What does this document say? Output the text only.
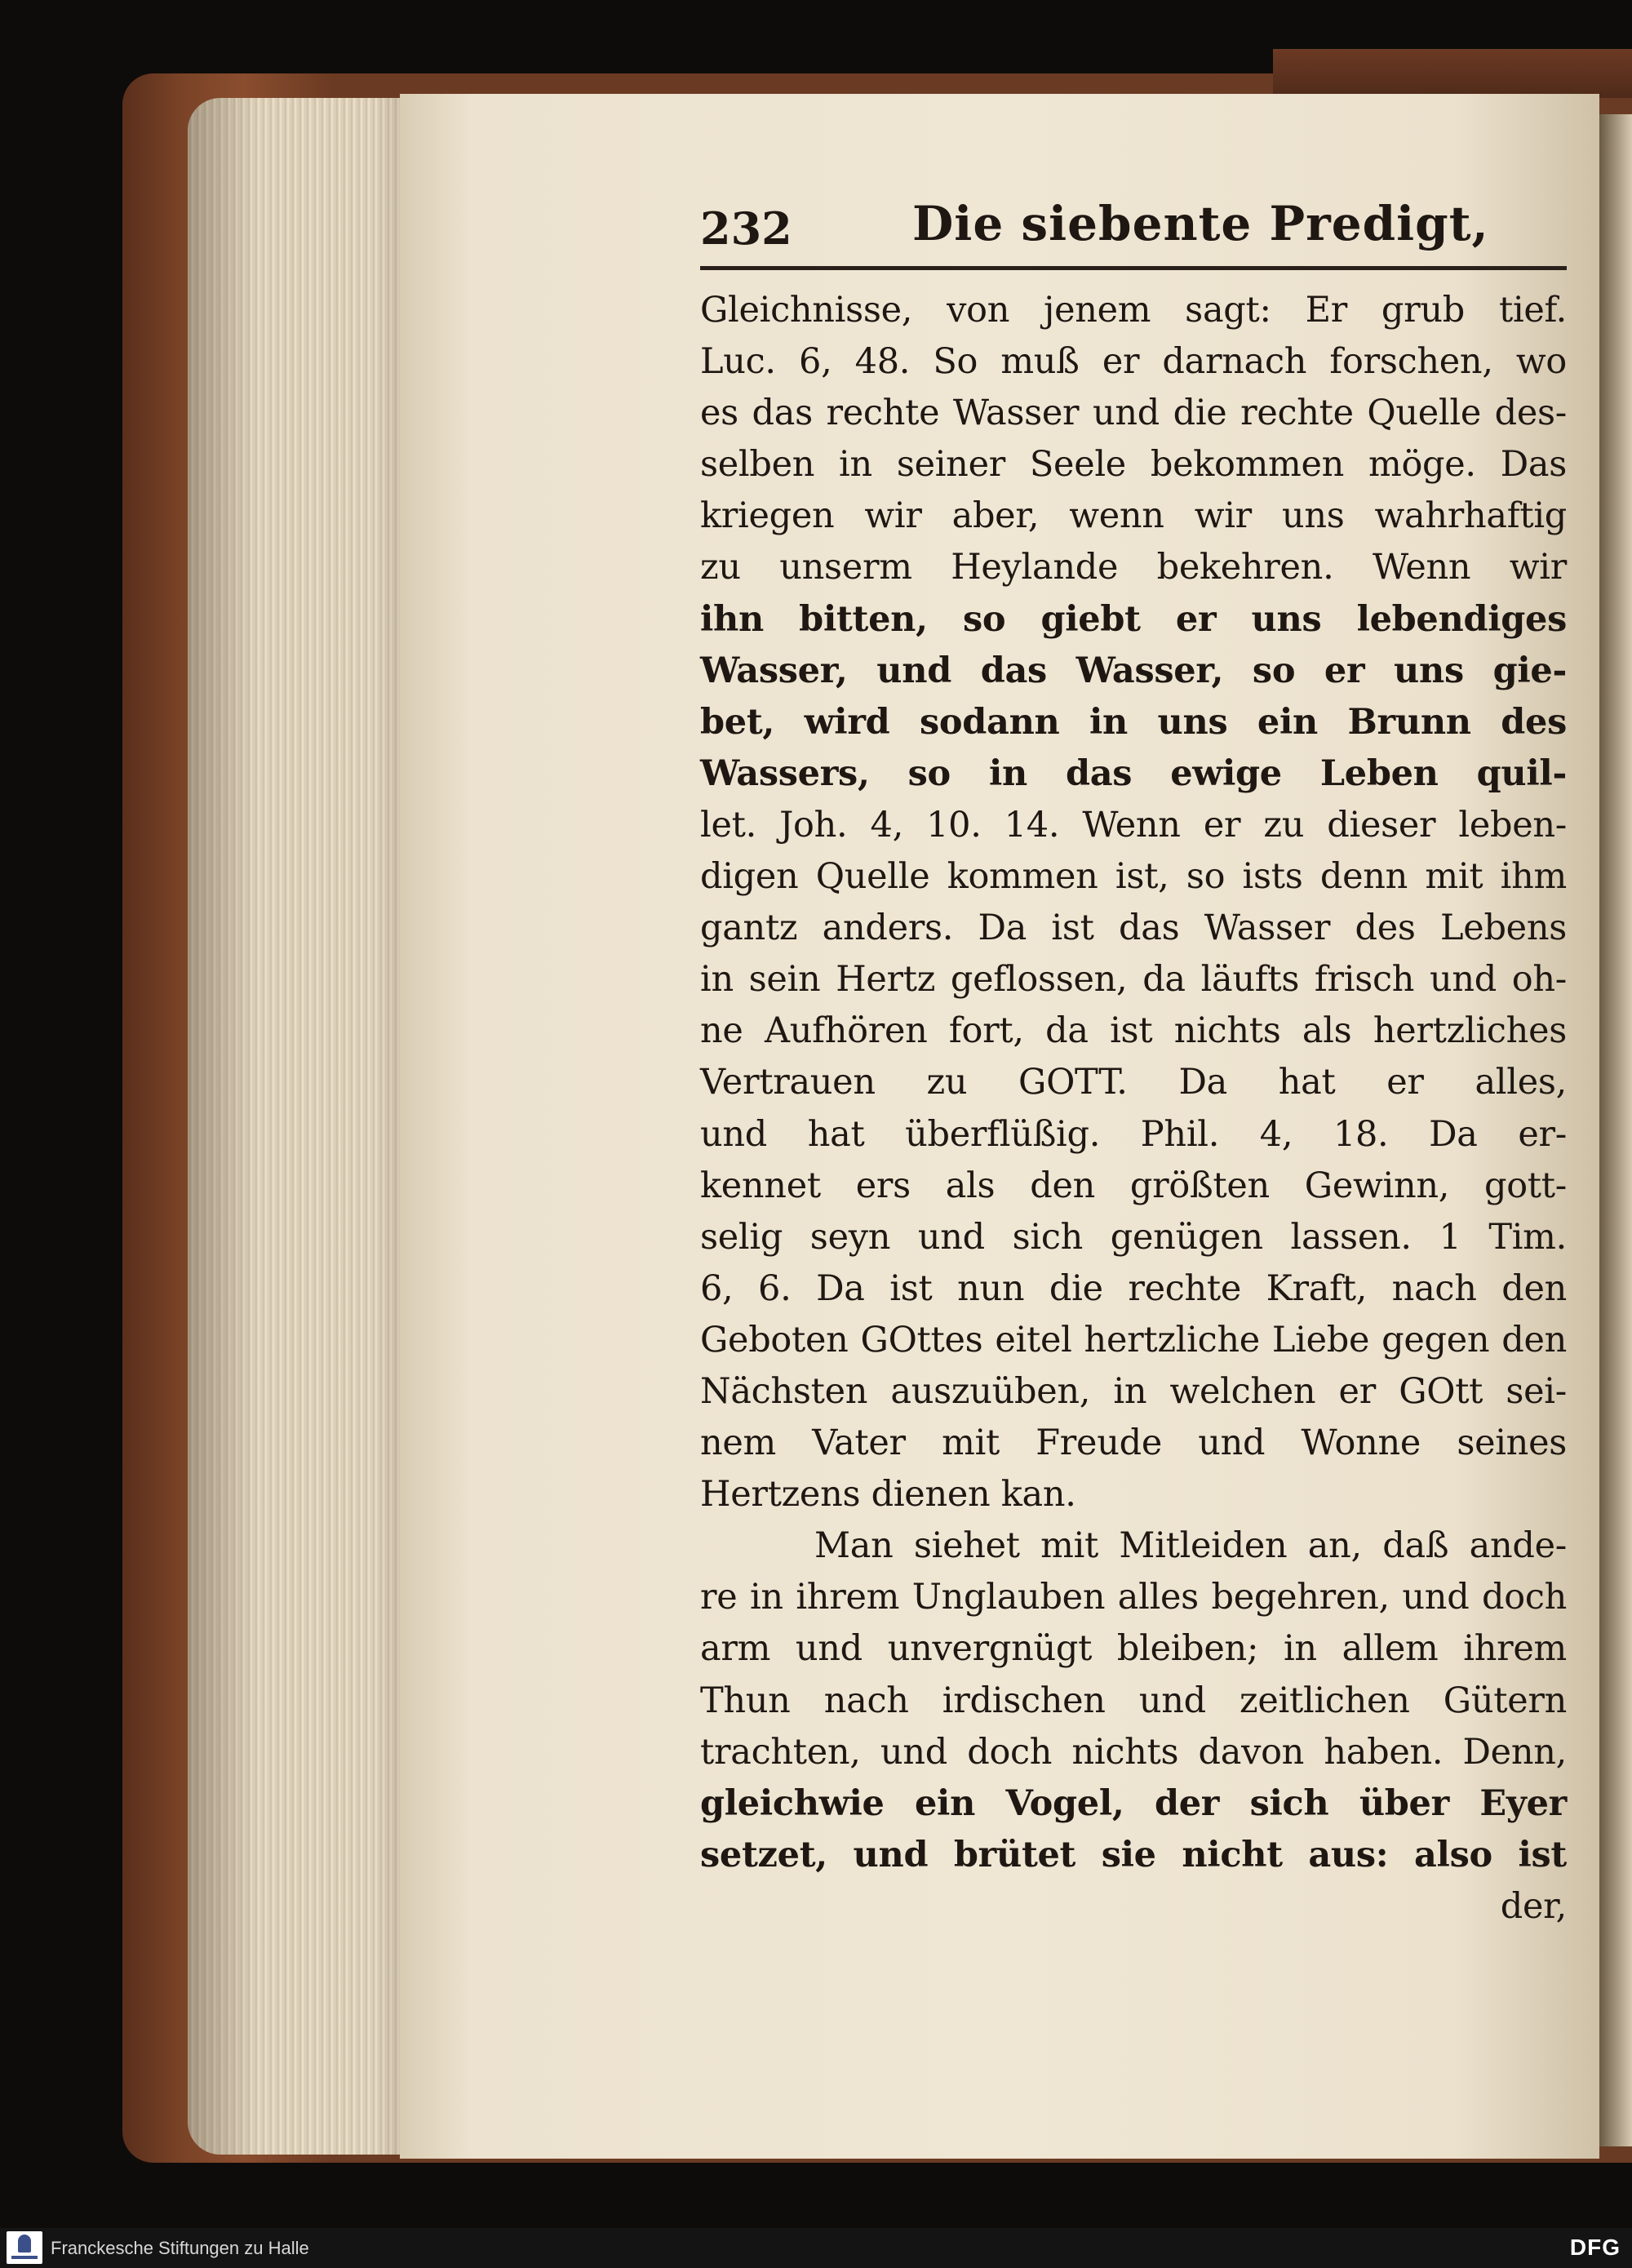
232	Die siebente Predigt,
Gleichnisse, von jenem sagt: Er grub tief.
Luc. 6, 48. So muß er darnach forschen, wo
es das rechte Wasser und die rechte Quelle des-
selben in seiner Seele bekommen möge. Das
kriegen wir aber, wenn wir uns wahrhaftig
zu unserm Heylande bekehren. Wenn wir
ihn bitten, so giebt er uns lebendiges
Wasser, und das Wasser, so er uns gie-
bet, wird sodann in uns ein Brunn des
Wassers, so in das ewige Leben quil-
let. Joh. 4, 10. 14. Wenn er zu dieser leben-
digen Quelle kommen ist, so ists denn mit ihm
gantz anders. Da ist das Wasser des Lebens
in sein Hertz geflossen, da läufts frisch und oh-
ne Aufhören fort, da ist nichts als hertzliches
Vertrauen zu GOTT. Da hat er alles,
und hat überflüßig. Phil. 4, 18. Da er-
kennet ers als den größten Gewinn, gott-
selig seyn und sich genügen lassen. 1 Tim.
6, 6. Da ist nun die rechte Kraft, nach den
Geboten GOttes eitel hertzliche Liebe gegen den
Nächsten auszuüben, in welchen er GOtt sei-
nem Vater mit Freude und Wonne seines
Hertzens dienen kan.
Man siehet mit Mitleiden an, daß ande-
re in ihrem Unglauben alles begehren, und doch
arm und unvergnügt bleiben; in allem ihrem
Thun nach irdischen und zeitlichen Gütern
trachten, und doch nichts davon haben. Denn,
gleichwie ein Vogel, der sich über Eyer
setzet, und brütet sie nicht aus: also ist
der,
Franckesche Stiftungen zu Halle	DFG
